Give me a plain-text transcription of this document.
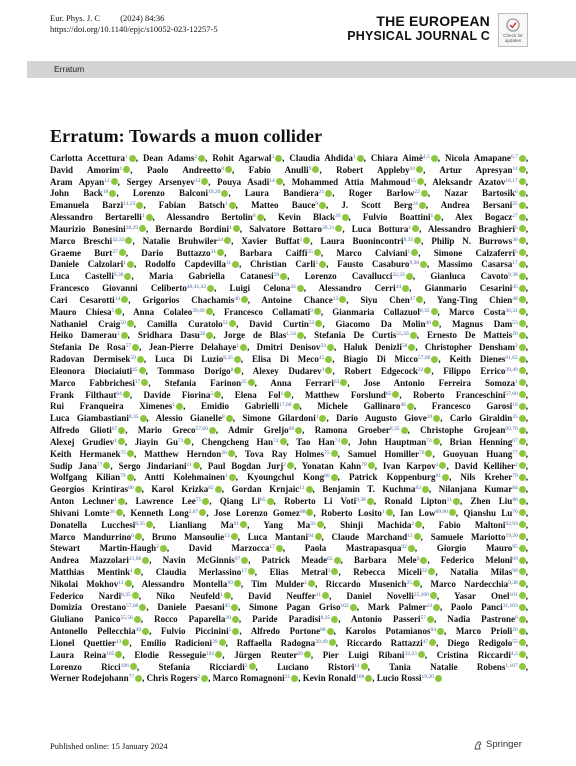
Eur. Phys. J. C (2024) 84:36
https://doi.org/10.1140/epjc/s10052-023-12257-5	THE EUROPEAN
PHYSICAL JOURNAL C	Check for
updates
Erratum
Erratum: Towards a muon collider
Carlotta Accettura$^1$ , Dean Adams$^2$ , Rohit Agarwal$^3$ , Claudia Ahdida$^1$ , Chiara Aimè$^{4,5}$ , Nicola Amapane$^{6,7}$ ,
David Amorim$^1$ , Paolo Andreetto$^8$ , Fabio Anulli$^9$ , Robert Appleby$^{10}$ , Artur Apresyan$^{11}$ ,
Aram Apyan$^{12}$ , Sergey Arsenyev$^{13}$ , Pouya Asadi$^{14}$ , Mohammed Attia Mahmoud$^{15}$ , Aleksandr Azatov$^{16,17}$ ,
John Back$^{18}$ , Lorenzo Balconi$^{19,20}$ , Laura Bandiera$^{21}$ , Roger Barlow$^{22}$ , Nazar Bartosik$^6$ ,
Emanuela Barzi$^{11,23}$ , Fabian Batsch$^1$ , Matteo Bauce$^9$ , J. Scott Berg$^{24}$ , Andrea Bersani$^{25}$ ,
Alessandro Bertarelli$^1$ , Alessandro Bertolin$^8$ , Kevin Black$^{26}$ , Fulvio Boattini$^1$ , Alex Bogacz$^{27}$ ,
Maurizio Bonesini$^{28,29}$ , Bernardo Bordini$^1$ , Salvatore Bottaro$^{30,31}$ , Luca Bottura$^1$ , Alessandro Braghieri$^5$ ,
Marco Breschi$^{32,33}$ , Natalie Bruhwiler$^{34}$ , Xavier Buffat$^1$ , Laura Buonincontri$^{8,35}$ , Philip N. Burrows$^{36}$ ,
Graeme Burt$^{37}$ , Dario Buttazzo$^{31}$ , Barbara Caiffi$^{25}$ , Marco Calviani$^1$ , Simone Calzaferri$^5$ ,
Daniele Calzolari$^1$ , Rodolfo Capdevilla$^{11}$ , Christian Carli$^1$ , Fausto Casaburo$^{9,38}$ , Massimo Casarsa$^{17}$ ,
Luca Castelli$^{9,38}$ , Maria Gabriella Catanesi$^{39}$ , Lorenzo Cavallucci$^{32,33}$ , Gianluca Cavoto$^{9,38}$ ,
Francesco Giovanni Celiberto$^{40,41,42}$ , Luigi Celona$^{43}$ , Alessandro Cerri$^{44}$ , Gianmario Cesarini$^{45}$ ,
Cari Cesarotti$^{14}$ , Grigorios Chachamis$^{46}$ , Antoine Chance$^{13}$ , Siyu Chen$^{47}$ , Yang-Ting Chien$^{48}$ ,
Mauro Chiesa$^5$ , Anna Colaleo$^{39,49}$ , Francesco Collamati$^9$ , Gianmaria Collazuol$^{8,35}$ , Marco Costa$^{30,31}$ ,
Nathaniel Craig$^{50}$ , Camilla Curatolo$^{51}$ , David Curtin$^{52}$ , Giacomo Da Molin$^{46}$ , Magnus Dam$^{53}$ ,
Heiko Damerau$^1$ , Sridhara Dasu$^{26}$ , Jorge de Blas$^{1,54}$ , Stefania De Curtis$^{55,56}$ , Ernesto De Matteis$^{20}$ ,
Stefania De Rosa$^{57}$ , Jean-Pierre Delahaye$^1$ , Dmitri Denisov$^{24}$ , Haluk Denizli$^{58}$ , Christopher Densham$^2$ ,
Radovan Dermisek$^{59}$ , Luca Di Luzio$^{8,35}$ , Elisa Di Meco$^{45}$ , Biagio Di Micco$^{57,60}$ , Keith Dienes$^{61,62}$ ,
Eleonora Diociaiuti$^{45}$ , Tommaso Dorigo$^8$ , Alexey Dudarev$^1$ , Robert Edgecock$^{22}$ , Filippo Errico$^{39,49}$ ,
Marco Fabbrichesi$^{17}$ , Stefania Farinon$^{25}$ , Anna Ferrari$^{63}$ , Jose Antonio Ferreira Somoza$^1$ ,
Frank Filthaut$^{64}$ , Davide Fiorina$^5$ , Elena Fol$^1$ , Matthew Forslund$^{65}$ , Roberto Franceschini$^{57,60}$ ,
Rui Franqueira Ximenes$^1$ , Emidio Gabrielli$^{17,66}$ , Michele Gallinaro$^{46}$ , Francesco Garosi$^{16}$ ,
Luca Giambastiani$^{8,35}$ , Alessio Gianelle$^8$ , Simone Gilardoni$^1$ , Dario Augusto Giove$^{20}$ , Carlo Giraldin$^{35}$ ,
Alfredo Glioti$^{67}$ , Mario Greco$^{57,60}$ , Admir Greljo$^{68}$ , Ramona Groeber$^{8,35}$ , Christophe Grojean$^{69,70}$ ,
Alexej Grudiev$^1$ , Jiayin Gu$^{71}$ , Chengcheng Han$^{72}$ , Tao Han$^{73}$ , John Hauptman$^{74}$ , Brian Henning$^{67}$ ,
Keith Hermanek$^{75}$ , Matthew Herndon$^{26}$ , Tova Ray Holmes$^{75}$ , Samuel Homiller$^{76}$ , Guoyuan Huang$^{77}$ ,
Sudip Jana$^{77}$ , Sergo Jindariani$^{11}$ , Paul Bogdan Jurj$^2$ , Yonatan Kahn$^{78}$ , Ivan Karpov$^1$ , David Kelliher$^2$ ,
Wolfgang Kilian$^{79}$ , Antti Kolehmainen$^1$ , Kyoungchul Kong$^{80}$ , Patrick Koppenburg$^{81}$ , Nils Kreher$^{79}$ ,
Georgios Krintiras$^{80}$ , Karol Krizka$^{82}$ , Gordan Krnjaic$^{11}$ , Benjamin T. Kuchma$^{83}$ , Nilanjana Kumar$^{84}$ ,
Anton Lechner$^1$ , Lawrence Lee$^{75}$ , Qiang Li$^{85}$ , Roberto Li Voti$^{9,38}$ , Ronald Lipton$^{11}$ , Zhen Liu$^{86}$ ,
Shivani Lomte$^{26}$ , Kenneth Long$^{2,87}$ , Jose Lorenzo Gomez$^{88}$ , Roberto Losito$^1$ , Ian Low$^{89,90}$ , Qianshu Lu$^{76}$ ,
Donatella Lucchesi$^{8,35}$ , Lianliang Ma$^{91}$ , Yang Ma$^{33}$ , Shinji Machida$^2$ , Fabio Maltoni$^{92,93}$ ,
Marco Mandurrino$^6$ , Bruno Mansoulie$^{13}$ , Luca Mantani$^{94}$ , Claude Marchand$^{13}$ , Samuele Mariotto$^{19,20}$ ,
Stewart Martin-Haugh$^2$ , David Marzocca$^{17}$ , Paola Mastrapasqua$^{92}$ , Giorgio Mauro$^{95}$ ,
Andrea Mazzolari$^{21,96}$ , Navin McGinnis$^{97}$ , Patrick Meade$^{65}$ , Barbara Mele$^9$ , Federico Meloni$^{69}$ ,
Matthias Mentink$^1$ , Claudia Merlassino$^{17}$ , Elias Metral$^1$ , Rebecca Miceli$^{32}$ , Natalia Milas$^{98}$ ,
Nikolai Mokhov$^{11}$ , Alessandro Montella$^{99}$ , Tim Mulder$^1$ , Riccardo Musenich$^{25}$ , Marco Nardecchia$^{9,38}$ ,
Federico Nardi$^{8,35}$ , Niko Neufeld$^1$ , David Neuffer$^{11}$ , Daniel Novelli$^{25,100}$ , Yasar Onel$^{101}$ ,
Domizia Orestano$^{57,60}$ , Daniele Paesani$^{45}$ , Simone Pagan Griso$^{102}$ , Mark Palmer$^{24}$ , Paolo Panci$^{31,103}$ ,
Giuliano Panico$^{55,56}$ , Rocco Paparella$^{20}$ , Paride Paradisi$^{8,35}$ , Antonio Passeri$^{57}$ , Nadia Pastrone$^6$ ,
Antonello Pellecchia$^{49}$ , Fulvio Piccinini$^5$ , Alfredo Portone$^{88}$ , Karolos Potamianos$^{84}$ , Marco Prioli$^{20}$ ,
Lionel Quettier$^{13}$ , Emilio Radicioni$^{39}$ , Raffaella Radogna$^{39,49}$ , Riccardo Rattazzi$^{47}$ , Diego Redigolo$^{55}$ ,
Laura Reina$^{105}$ , Elodie Resseguie$^{102}$ , Jürgen Reuter$^{69}$ , Pier Luigi Ribani$^{32,33}$ , Cristina Riccardi$^{4,5}$ ,
Lorenzo Ricci$^{106}$ , Stefania Ricciardi$^2$ , Luciano Ristori$^{11}$ , Tania Natalie Robens$^{1,107}$ ,
Werner Rodejohann$^{77}$ , Chris Rogers$^2$ , Marco Romagnoni$^{21}$ , Kevin Ronald$^{108}$ , Lucio Rossi$^{19,20}$
Published online: 15 January 2024	Springer
